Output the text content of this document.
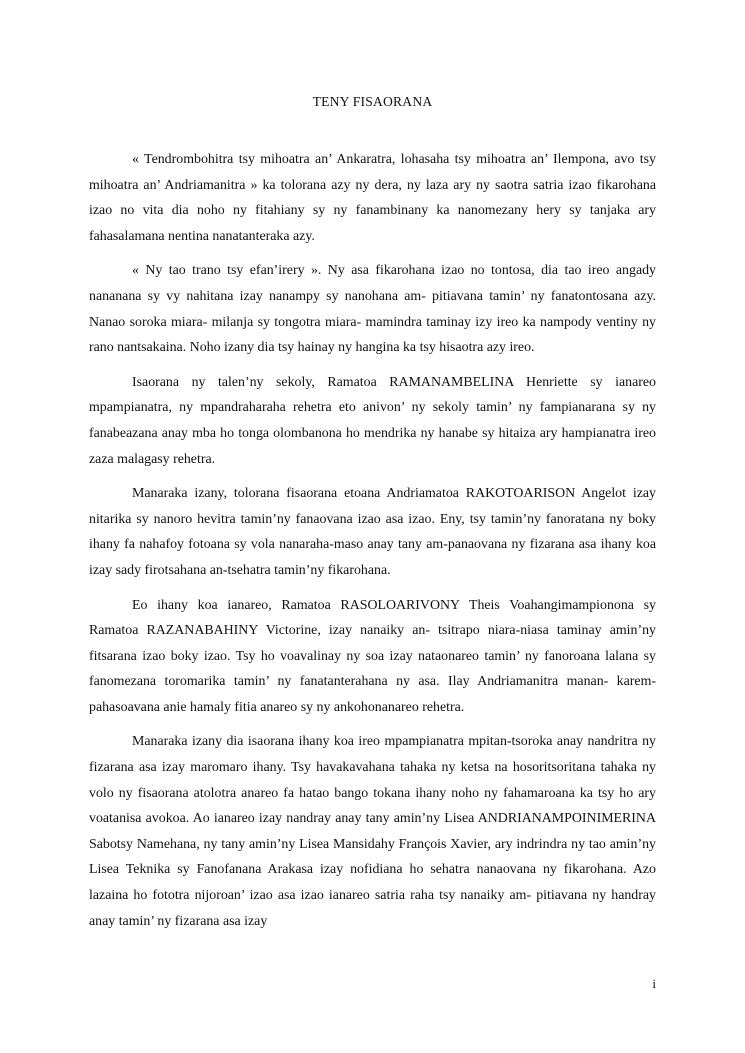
TENY FISAORANA

« Tendrombohitra tsy mihoatra an’ Ankaratra, lohasaha tsy mihoatra an’ Ilempona, avo tsy mihoatra an’ Andriamanitra » ka tolorana azy ny dera, ny laza ary ny saotra satria izao fikarohana izao no vita dia noho ny fitahiany sy ny fanambinany ka nanomezany hery sy tanjaka ary fahasalamana nentina nanatanteraka azy.

« Ny tao trano tsy efan’irery ». Ny asa fikarohana izao no tontosa, dia tao ireo angady nananana sy vy nahitana izay nanampy sy nanohana am- pitiavana tamin’ ny fanatontosana azy. Nanao soroka miara- milanja sy tongotra miara- mamindra taminay izy ireo ka nampody ventiny ny rano nantsakaina. Noho izany dia tsy hainay ny hangina ka tsy hisaotra azy ireo.

Isaorana ny talen’ny sekoly, Ramatoa RAMANAMBELINA Henriette sy ianareo mpampianatra, ny mpandraharaha rehetra eto anivon’ ny sekoly tamin’ ny fampianarana sy ny fanabeazana anay mba ho tonga olombanona ho mendrika ny hanabe sy hitaiza ary hampianatra ireo zaza malagasy rehetra.

Manaraka izany, tolorana fisaorana etoana Andriamatoa RAKOTOARISON Angelot izay nitarika sy nanoro hevitra tamin’ny fanaovana izao asa izao. Eny, tsy tamin’ny fanoratana ny boky ihany fa nahafoy fotoana sy vola nanaraha-maso anay tany am-panaovana ny fizarana asa ihany koa izay sady firotsahana an-tsehatra tamin’ny fikarohana.

Eo ihany koa ianareo, Ramatoa RASOLOARIVONY Theis Voahangimampionona sy Ramatoa RAZANABAHINY Victorine, izay nanaiky an- tsitrapo niara-niasa taminay amin’ny fitsarana izao boky izao. Tsy ho voavalinay ny soa izay nataonareo tamin’ ny fanoroana lalana sy fanomezana toromarika tamin’ ny fanatanterahana ny asa. Ilay Andriamanitra manan- karem- pahasoavana anie hamaly fitia anareo sy ny ankohonanareo rehetra.

Manaraka izany dia isaorana ihany koa ireo mpampianatra mpitan-tsoroka anay nandritra ny fizarana asa izay maromaro ihany. Tsy havakavahana tahaka ny ketsa na hosoritsoritana tahaka ny volo ny fisaorana atolotra anareo fa hatao bango tokana ihany noho ny fahamaroana ka tsy ho ary voatanisa avokoa. Ao ianareo izay nandray anay tany amin’ny Lisea ANDRIANAMPOINIMERINA Sabotsy Namehana, ny tany amin’ny Lisea Mansidahy François Xavier, ary indrindra ny tao amin’ny Lisea Teknika sy Fanofanana Arakasa izay nofidiana ho sehatra nanaovana ny fikarohana. Azo lazaina ho fototra nijoroan’ izao asa izao ianareo satria raha tsy nanaiky am- pitiavana ny handray anay tamin’ ny fizarana asa izay

i
